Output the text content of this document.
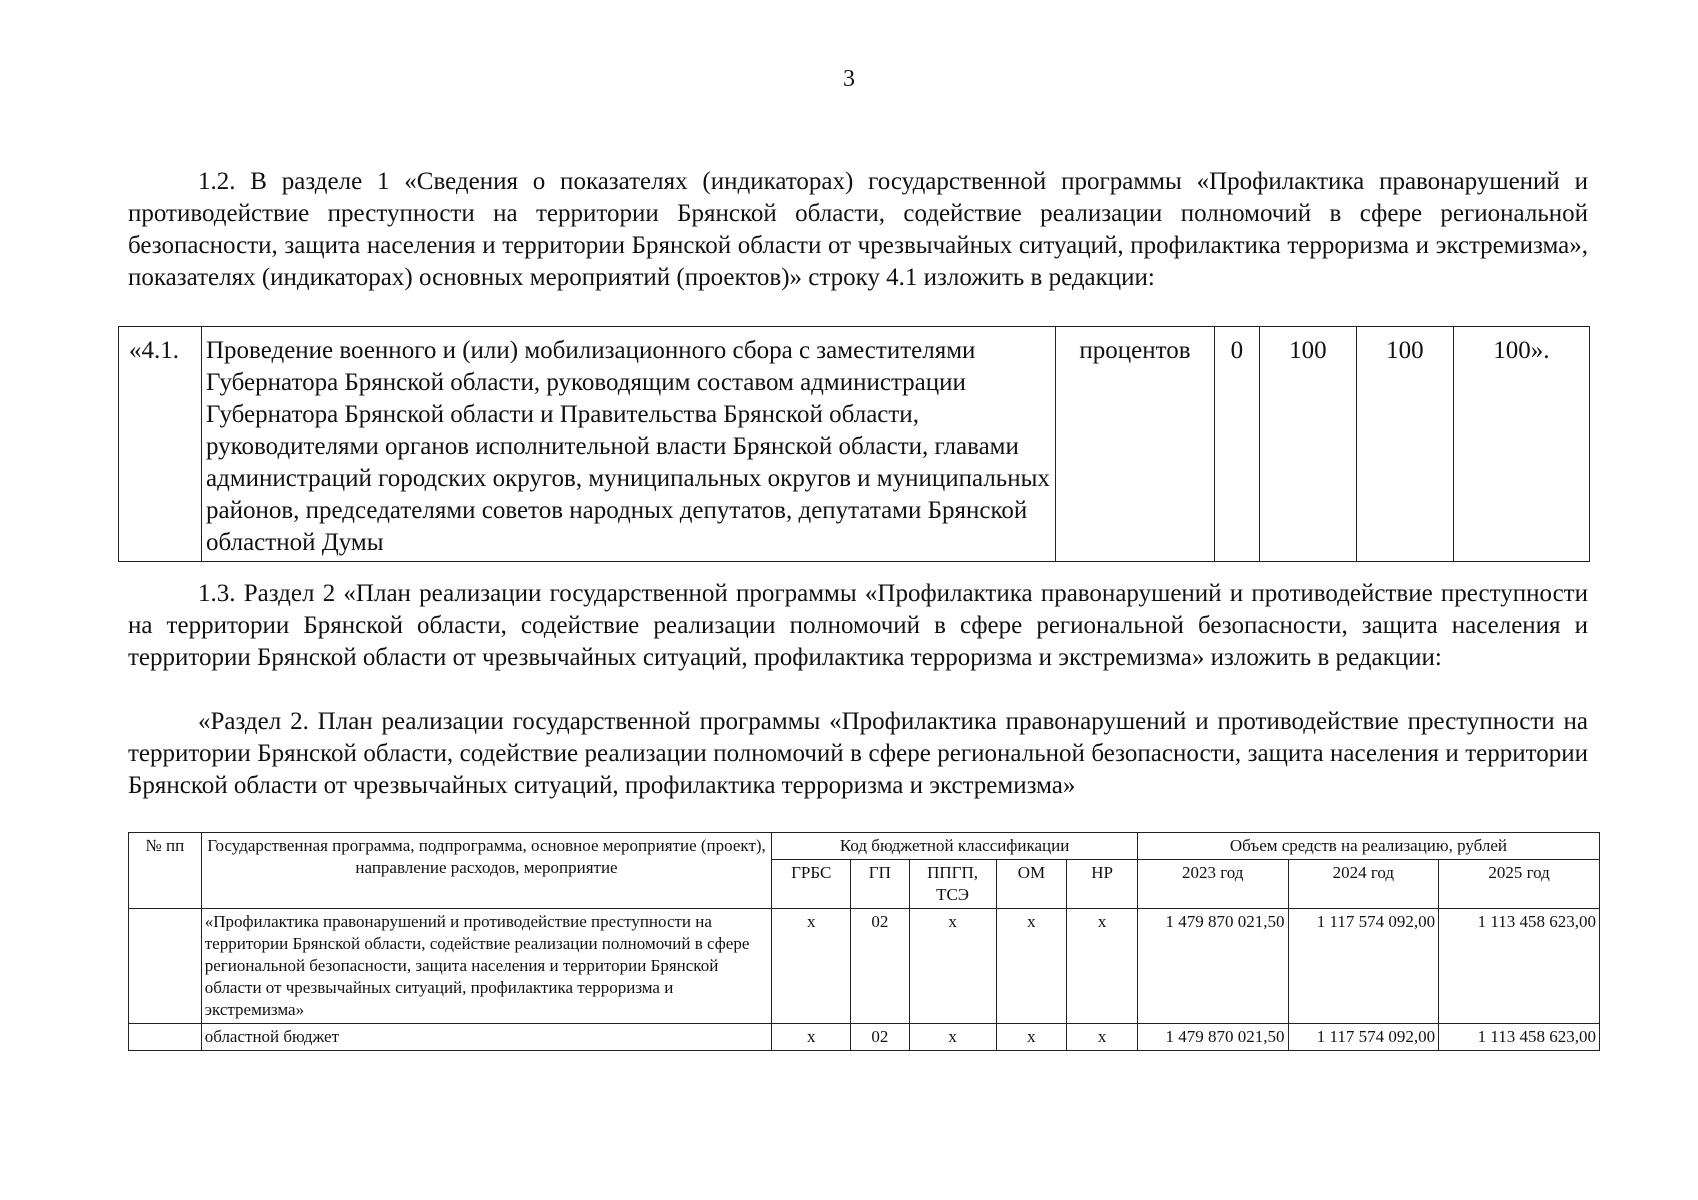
3

1.2. В разделе 1 «Сведения о показателях (индикаторах) государственной программы «Профилактика правонарушений и противодействие преступности на территории Брянской области, содействие реализации полномочий в сфере региональной безопасности, защита населения и территории Брянской области от чрезвычайных ситуаций, профилактика терроризма и экстремизма», показателях (индикаторах) основных мероприятий (проектов)» строку 4.1 изложить в редакции:

«4.1.	Проведение военного и (или) мобилизационного сбора с заместителями Губернатора Брянской области, руководящим составом администрации Губернатора Брянской области и Правительства Брянской области, руководителями органов исполнительной власти Брянской области, главами администраций городских округов, муниципальных округов и муниципальных районов, председателями советов народных депутатов, депутатами Брянской областной Думы	процентов	0	100	100	100».

1.3. Раздел 2 «План реализации государственной программы «Профилактика правонарушений и противодействие преступности на территории Брянской области, содействие реализации полномочий в сфере региональной безопасности, защита населения и территории Брянской области от чрезвычайных ситуаций, профилактика терроризма и экстремизма» изложить в редакции:

«Раздел 2. План реализации государственной программы «Профилактика правонарушений и противодействие преступности на территории Брянской области, содействие реализации полномочий в сфере региональной безопасности, защита населения и территории Брянской области от чрезвычайных ситуаций, профилактика терроризма и экстремизма»

№ пп	Государственная программа, подпрограмма, основное мероприятие (проект), направление расходов, мероприятие	Код бюджетной классификации					Объем средств на реализацию, рублей		
		ГРБС	ГП	ППГП, ТСЭ	ОМ	НР	2023 год	2024 год	2025 год
	«Профилактика правонарушений и противодействие преступности на территории Брянской области, содействие реализации полномочий в сфере региональной безопасности, защита населения и территории Брянской области от чрезвычайных ситуаций, профилактика терроризма и экстремизма»	х	02	х	х	х	1 479 870 021,50	1 117 574 092,00	1 113 458 623,00
	областной бюджет	х	02	х	х	х	1 479 870 021,50	1 117 574 092,00	1 113 458 623,00
